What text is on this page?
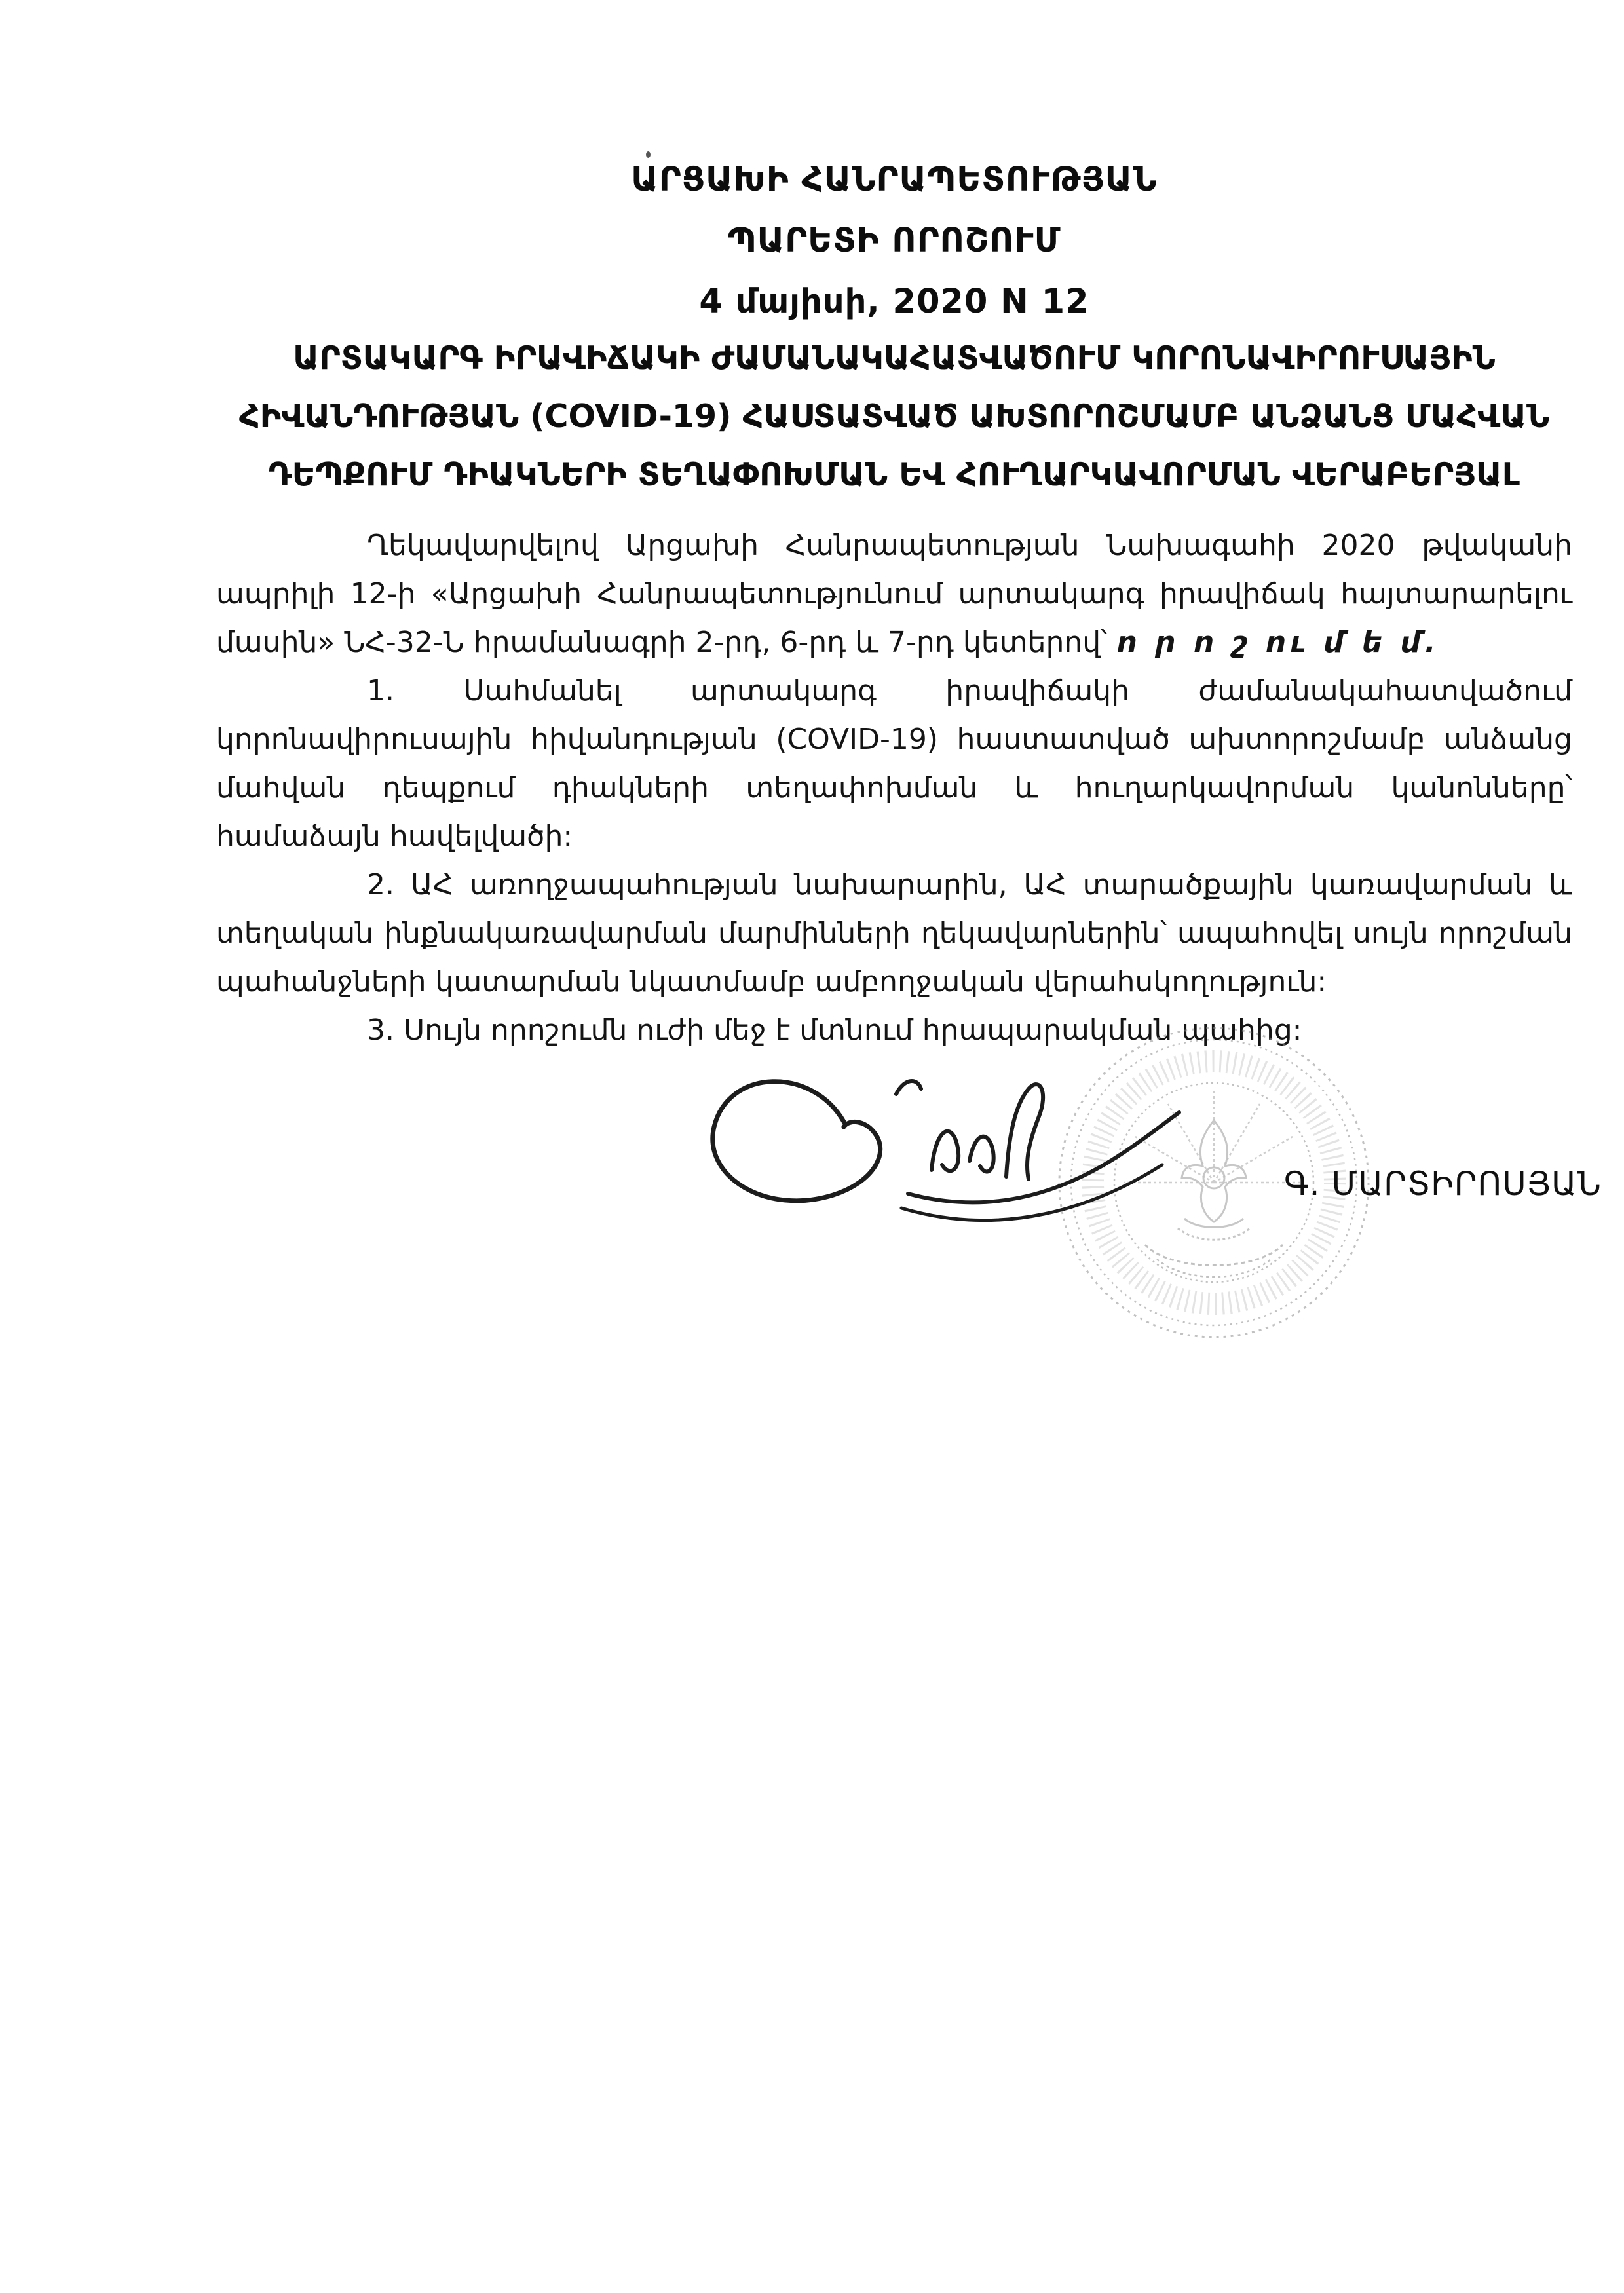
ԱՐՑԱԽԻ ՀԱՆՐԱՊԵՏՈՒԹՅԱՆ
ՊԱՐԵՏԻ ՈՐՈՇՈՒՄ
4 մայիսի, 2020 N 12
ԱՐՏԱԿԱՐԳ ԻՐԱՎԻՃԱԿԻ ԺԱՄԱՆԱԿԱՀԱՏՎԱԾՈՒՄ ԿՈՐՈՆԱՎԻՐՈՒՍԱՅԻՆ
ՀԻՎԱՆԴՈՒԹՅԱՆ (COVID-19) ՀԱՍՏԱՏՎԱԾ ԱԽՏՈՐՈՇՄԱՄԲ ԱՆՁԱՆՑ ՄԱՀՎԱՆ
ԴԵՊՔՈՒՄ ԴԻԱԿՆԵՐԻ ՏԵՂԱՓՈԽՄԱՆ ԵՎ ՀՈՒՂԱՐԿԱՎՈՐՄԱՆ ՎԵՐԱԲԵՐՅԱԼ

Ղեկավարվելով Արցախի Հանրապետության Նախագահի 2020 թվականի ապրիլի 12-ի «Արցախի Հանրապետությունում արտակարգ իրավիճակ հայտարարելու մասին» ՆՀ-32-Ն հրամանագրի 2-րդ, 6-րդ և 7-րդ կետերով՝ ո ր ո շ ու մ ե մ.

1. Սահմանել արտակարգ իրավիճակի ժամանակահատվածում կորոնավիրուսային հիվանդության (COVID-19) հաստատված ախտորոշմամբ անձանց մահվան դեպքում դիակների տեղափոխման և հուղարկավորման կանոնները՝ համաձայն հավելվածի:

2. ԱՀ առողջապահության նախարարին, ԱՀ տարածքային կառավարման և տեղական ինքնակառավարման մարմինների ղեկավարներին՝ ապահովել սույն որոշման պահանջների կատարման նկատմամբ ամբողջական վերահսկողություն:

3. Սույն որոշումն ուժի մեջ է մտնում հրապարակման պահից:

Գ. ՄԱՐՏԻՐՈՍՅԱՆ
